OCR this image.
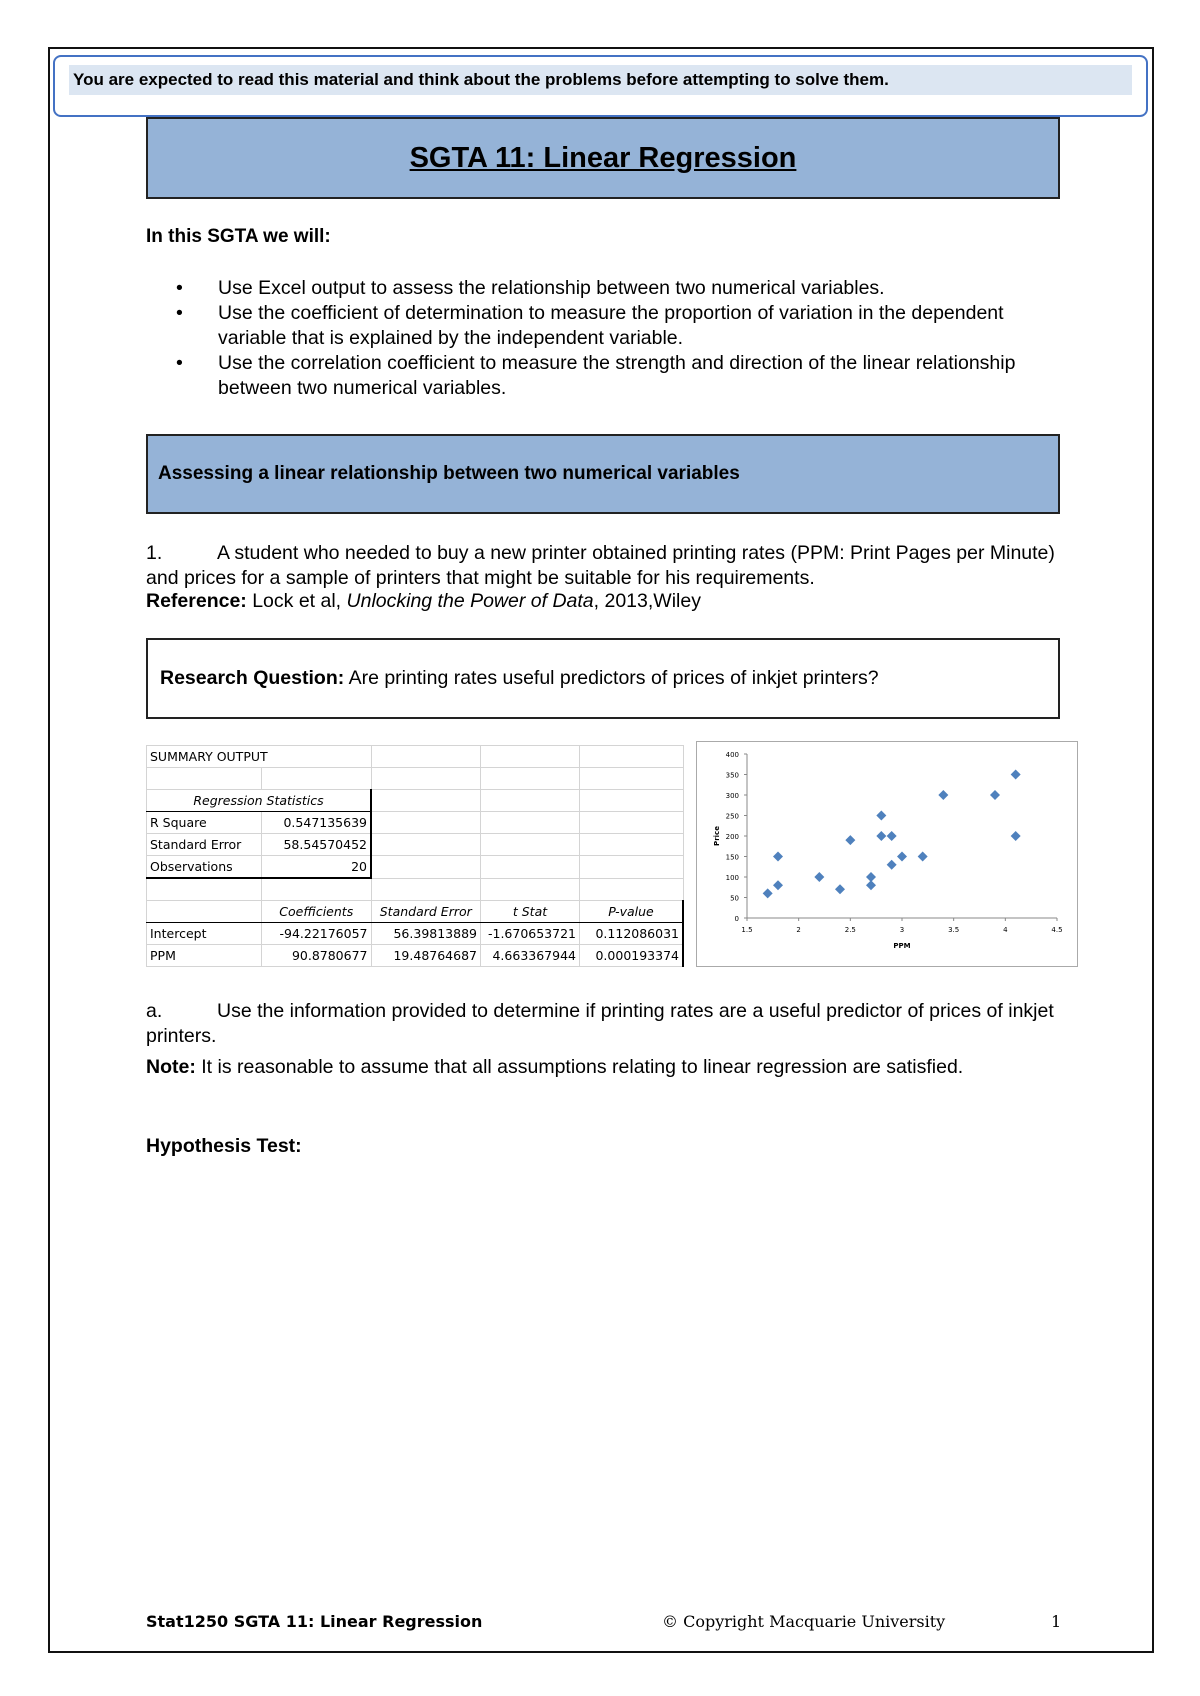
You are expected to read this material and think about the problems before attempting to solve them.
SGTA 11: Linear Regression
In this SGTA we will:
• Use Excel output to assess the relationship between two numerical variables.
• Use the coefficient of determination to measure the proportion of variation in the dependent variable that is explained by the independent variable.
• Use the correlation coefficient to measure the strength and direction of the linear relationship between two numerical variables.
Assessing a linear relationship between two numerical variables
1.	A student who needed to buy a new printer obtained printing rates (PPM: Print Pages per Minute) and prices for a sample of printers that might be suitable for his requirements.
Reference: Lock et al, Unlocking the Power of Data, 2013,Wiley
Research Question: Are printing rates useful predictors of prices of inkjet printers?
SUMMARY OUTPUT				

Regression Statistics				
R Square	0.547135639			
Standard Error	58.54570452			
Observations	20			

	Coefficients	Standard Error	t Stat	P-value
Intercept	-94.22176057	56.39813889	-1.670653721	0.112086031
PPM	90.8780677	19.48764687	4.663367944	0.000193374
0
50
100
150
200
250
300
350
400
1.5	2	2.5	3	3.5	4	4.5
PPM
Price
a.	Use the information provided to determine if printing rates are a useful predictor of prices of inkjet printers.
Note: It is reasonable to assume that all assumptions relating to linear regression are satisfied.
Hypothesis Test:
Stat1250 SGTA 11: Linear Regression	© Copyright Macquarie University	1
